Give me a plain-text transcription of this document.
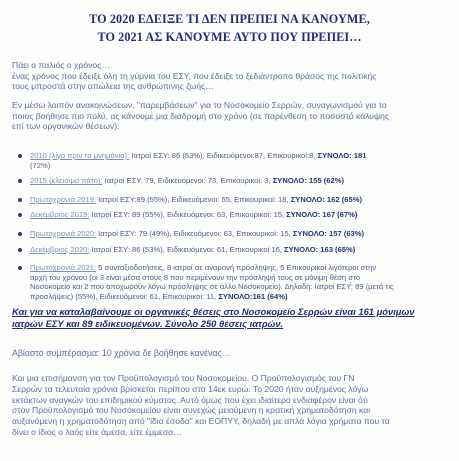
ΤΟ 2020 ΕΔΕΙΞΕ ΤΙ ΔΕΝ ΠΡΕΠΕΙ ΝΑ ΚΑΝΟΥΜΕ,
ΤΟ 2021 ΑΣ ΚΑΝΟΥΜΕ ΑΥΤΟ ΠΟΥ ΠΡΕΠΕΙ…
Πάει ο παλιός ο χρόνος…
ένας χρόνος που έδειξε όλη τη γύμνια του ΕΣΥ, που έδειξε το ξεδιάντροπο θράσος της πολιτικής
τους μπροστά στην απώλεια της ανθρώπινης ζωής…
Εν μέσω λοιπόν ανακοινώσεων, "παρεμβάσεων" για το Νοσοκομείο Σερρών, συναγωνισμού για το
ποιος βοήθησε πιο πολύ, ας κάνουμε μια διαδρομή στο χρόνο (σε παρένθεση το ποσοστό κάλυψης
επί των οργανικών θέσεων):
2010 (λίγο πριν τα μνημόνια): Ιατροί ΕΣΥ: 86 (53%), Ειδικευόμενοι:87, Επικουρικοί:8, ΣΥΝΟΛΟ: 181
(72%)
2015 (κλείσιμο πάτο): Ιατροί ΕΣΥ: 79, Ειδικευόμενοι: 73, Επικουρικοί: 3, ΣΥΝΟΛΟ: 155 (62%)
Πρωτοχρονιά 2019: Ιατροί ΕΣΥ:89 (55%), Ειδικευόμενοι: 55, Επικουρικοί: 18, ΣΥΝΟΛΟ: 162 (65%)
Δεκέμβριος 2019: Ιατροί ΕΣΥ: 89 (55%), Ειδικευόμενοι: 63, Επικουρικοί: 15, ΣΥΝΟΛΟ: 167 (67%)
Πρωτοχρονιά 2020: Ιατροί ΕΣΥ: 79 (49%), Ειδικευόμενοι: 63, Επικουρικοί: 15, ΣΥΝΟΛΟ: 157 (63%)
Δεκέμβριος 2020: Ιατροί ΕΣΥ: 86 (53%), Ειδικευόμενοι: 61, Επικουρικοί 16, ΣΥΝΟΛΟ: 163 (65%)
Πρωτοχρονιά 2021: 5 συνταξιοδοτήσεις, 8 ιατροί σε αναμονή πρόσληψης, 5 Επικουρικοί λιγότεροι στην
αρχή του χρόνου (οι 3 είναι μέσα στους 8 που περιμένουν την πρόσληψή τους σε μόνιμη θέση στο
Νοσοκομείο και 2 που αποχωρούν λόγω πρόσληψης σε άλλο Νοσοκομείο). Δηλαδή: Ιατροί ΕΣΥ: 89 (μετά τις
προσλήψεις) (55%), Ειδικευόμενοι: 61, Επικουρικοί: 11, ΣΥΝΟΛΟ:161 (64%)
Και για να καταλαβαίνουμε οι οργανικές θέσεις στο Νοσοκομείο Σερρών είναι 161 μόνιμων
ιατρών ΕΣΥ και 89 ειδικευομένων. Σύνολο 250 θέσεις ιατρών.
Αβίαστο συμπέρασμα: 10 χρόνια δε βοήθησε κανένας…
Και μια επισήμανση για τον Προϋπολογισμό του Νοσοκομείου. Ο Προϋπολογισμός του ΓΝ
Σερρών τα τελευταία χρόνια βρίσκεται περίπου στα 14εκ ευρώ. Το 2020 ήταν αυξημένος λόγω
εκτάκτων αναγκών του επιδημικού κύματος. Αυτό όμως που έχει ιδιαίτερο ενδιαφέρον είναι ότι
στον Προϋπολογισμό του Νοσοκομείου είναι συνεχώς μειούμενη η κρατική χρηματοδότηση και
αυξανόμενη η χρηματοδότηση από "ίδια έσοδα" και ΕΟΠΥΥ, δηλαδή με απλά λόγια χρήματα που τα
δίνει ο ίδιος ο λαός είτε άμεσα, είτε έμμεσα…
